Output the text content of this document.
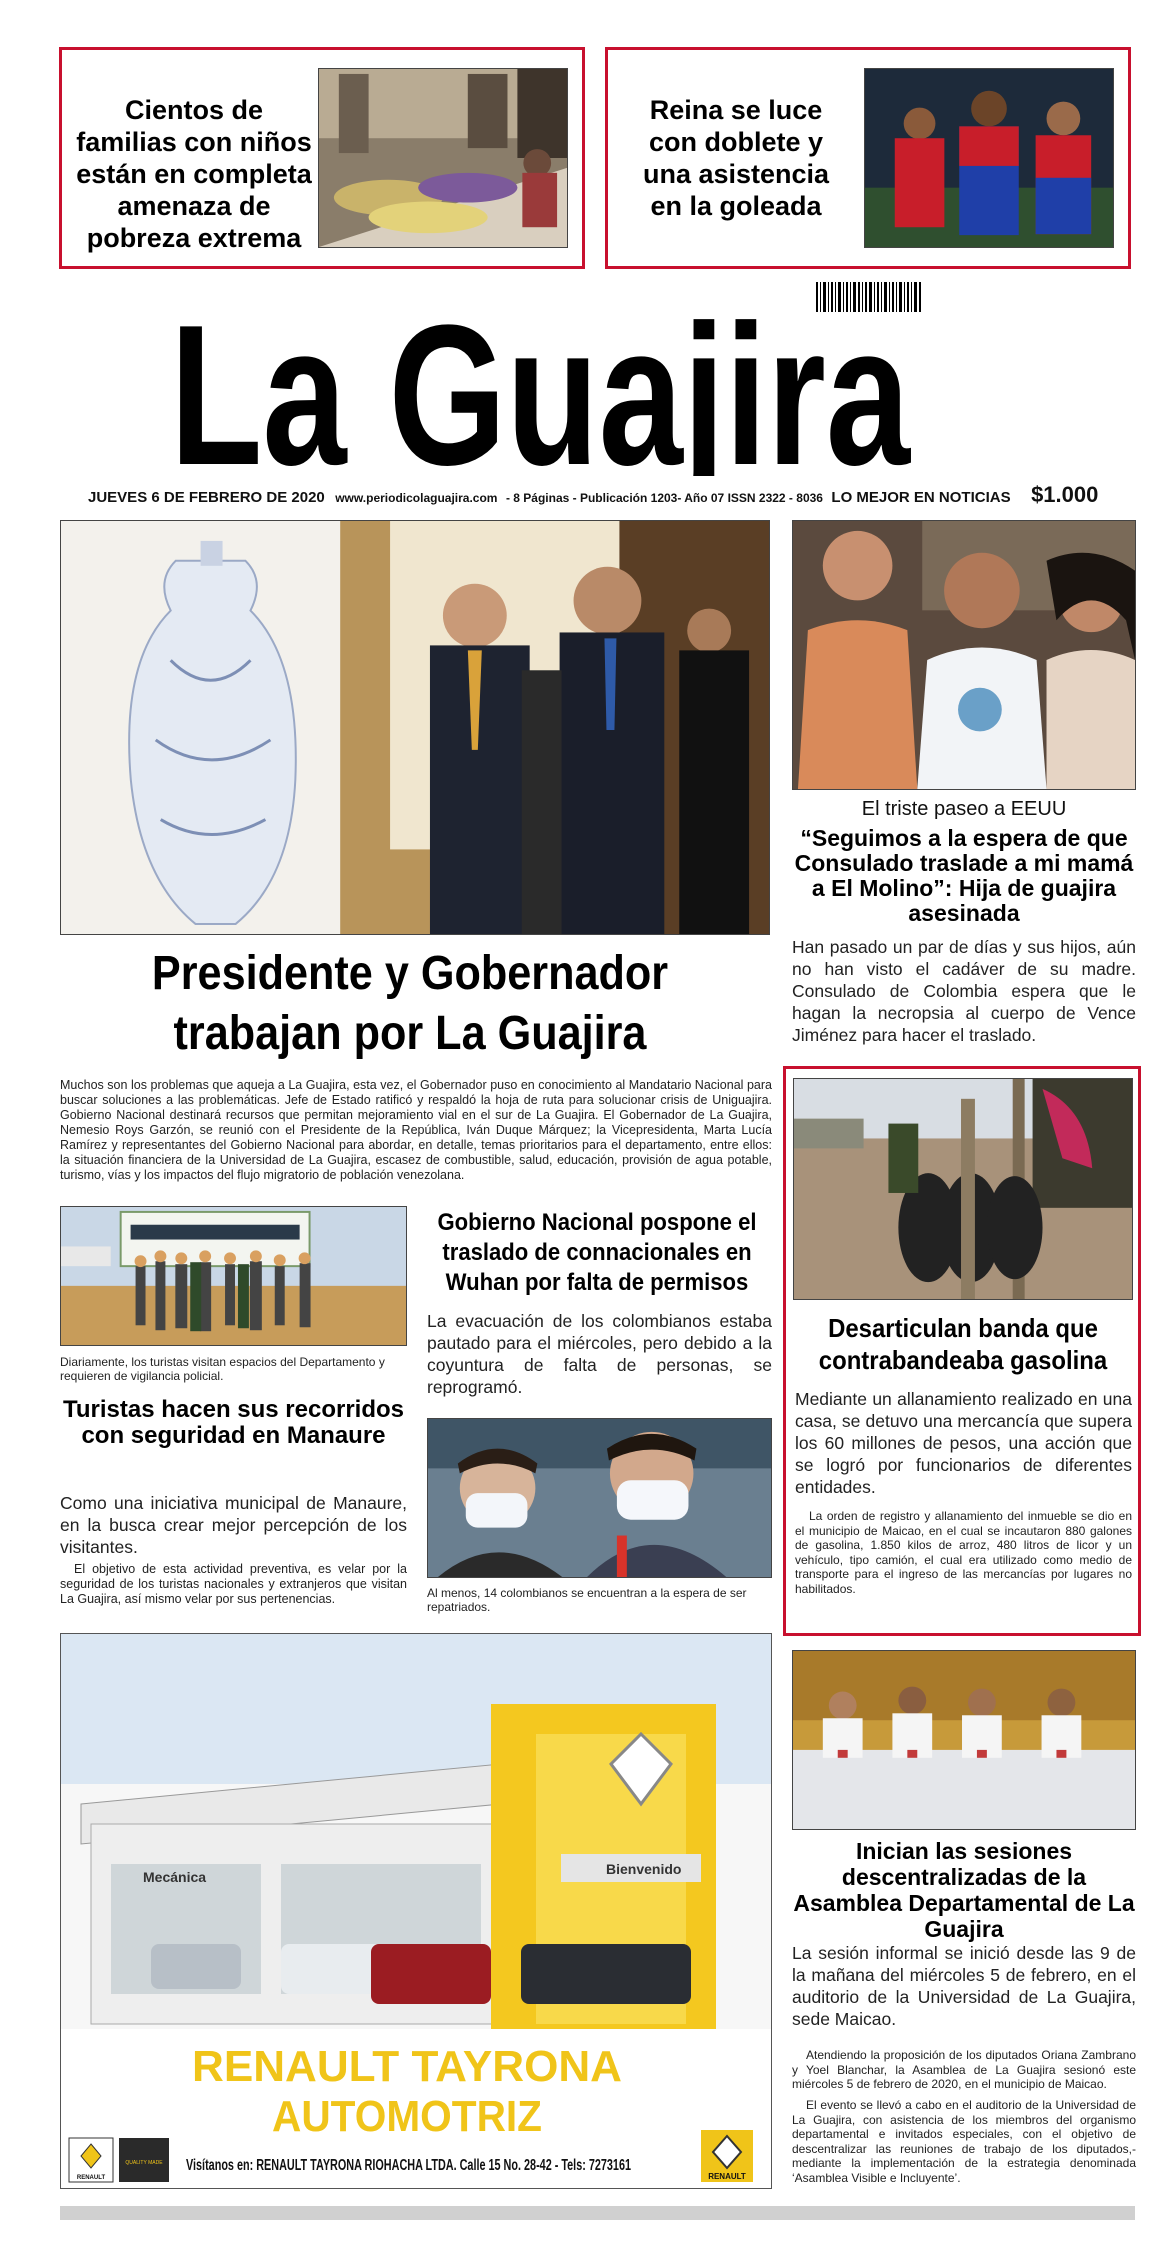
Cientos de familias con niños están en completa amenaza de pobreza extrema
Reina se luce con doblete y una asistencia en la goleada
La Guajira
JUEVES 6 DE FEBRERO DE 2020 www.periodicolaguajira.com - 8 Páginas - Publicación 1203- Año 07 ISSN 2322 - 8036 LO MEJOR EN NOTICIAS $1.000
Presidente y Gobernador trabajan por La Guajira

Muchos son los problemas que aqueja a La Guajira, esta vez, el Gobernador puso en conocimiento al Mandatario Nacional para buscar soluciones a las problemáticas. Jefe de Estado ratificó y respaldó la hoja de ruta para solucionar crisis de Uniguajira. Gobierno Nacional destinará recursos que permitan mejoramiento vial en el sur de La Guajira. El Gobernador de La Guajira, Nemesio Roys Garzón, se reunió con el Presidente de la República, Iván Duque Márquez; la Vicepresidenta, Marta Lucía Ramírez y representantes del Gobierno Nacional para abordar, en detalle, temas prioritarios para el departamento, entre ellos: la situación financiera de la Universidad de La Guajira, escasez de combustible, salud, educación, provisión de agua potable, turismo, vías y los impactos del flujo migratorio de población venezolana.

El triste paseo a EEUU
“Seguimos a la espera de que Consulado traslade a mi mamá a El Molino”: Hija de guajira asesinada

Han pasado un par de días y sus hijos, aún no han visto el cadáver de su madre. Consulado de Colombia espera que le hagan la necropsia al cuerpo de Vence Jiménez para hacer el traslado.

Diariamente, los turistas visitan espacios del Departamento y requieren de vigilancia policial.

Turistas hacen sus recorridos con seguridad en Manaure

Como una iniciativa municipal de Manaure, en la busca crear mejor percepción de los visitantes.

El objetivo de esta actividad preventiva, es velar por la seguridad de los turistas nacionales y extranjeros que visitan La Guajira, así mismo velar por sus pertenencias.

Gobierno Nacional pospone el traslado de connacionales en Wuhan por falta de permisos

La evacuación de los colombianos estaba pautado para el miércoles, pero debido a la coyuntura de falta de personas, se reprogramó.

Al menos, 14 colombianos se encuentran a la espera de ser repatriados.

Desarticulan banda que contrabandeaba gasolina

Mediante un allanamiento realizado en una casa, se detuvo una mercancía que supera los 60 millones de pesos, una acción que se logró por funcionarios de diferentes entidades.

La orden de registro y allanamiento del inmueble se dio en el municipio de Maicao, en el cual se incautaron 880 galones de gasolina, 1.850 kilos de arroz, 480 litros de licor y un vehículo, tipo camión, el cual era utilizado como medio de transporte para el ingreso de las mercancías por lugares no habilitados.

Mecánica	Bienvenido
RENAULT TAYRONA
AUTOMOTRIZ
RENAULT
QUALITY MADE Visítanos en: RENAULT TAYRONA RIOHACHA LTDA. Calle 15 No. 28-42 - Tels: 7273161
RENAULT
Inician las sesiones descentralizadas de la Asamblea Departamental de La Guajira

La sesión informal se inició desde las 9 de la mañana del miércoles 5 de febrero, en el auditorio de la Universidad de La Guajira, sede Maicao.

Atendiendo la proposición de los diputados Oriana Zambrano y Yoel Blanchar, la Asamblea de La Guajira sesionó este miércoles 5 de febrero de 2020, en el municipio de Maicao.

El evento se llevó a cabo en el auditorio de la Universidad de La Guajira, con asistencia de los miembros del organismo departamental e invitados especiales, con el objetivo de descentralizar las reuniones de trabajo de los diputados,- mediante la implementación de la estrategia denominada ‘Asamblea Visible e Incluyente’.
